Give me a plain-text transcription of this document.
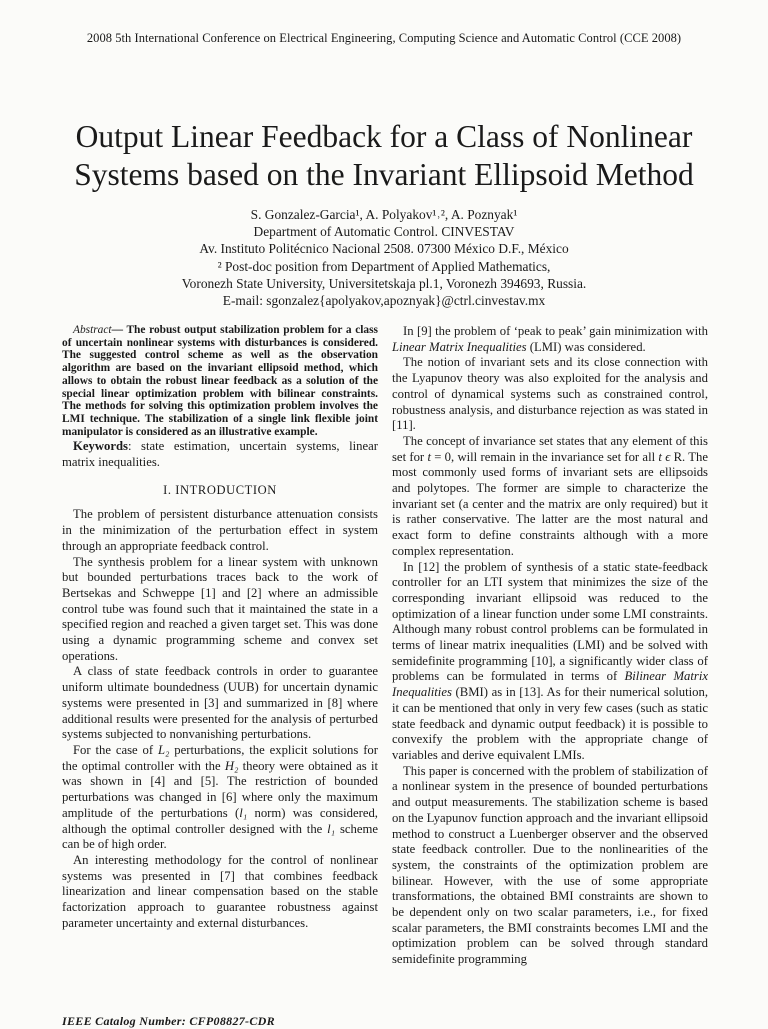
2008 5th International Conference on Electrical Engineering, Computing Science and Automatic Control (CCE 2008)
Output Linear Feedback for a Class of Nonlinear
Systems based on the Invariant Ellipsoid Method
S. Gonzalez-Garcia¹, A. Polyakov¹˒², A. Poznyak¹
Department of Automatic Control. CINVESTAV
Av. Instituto Politécnico Nacional 2508. 07300 México D.F., México
² Post-doc position from Department of Applied Mathematics,
Voronezh State University, Universitetskaja pl.1, Voronezh 394693, Russia.
E-mail: sgonzalez{apolyakov,apoznyak}@ctrl.cinvestav.mx

Abstract— The robust output stabilization problem for a class of uncertain nonlinear systems with disturbances is considered. The suggested control scheme as well as the observation algorithm are based on the invariant ellipsoid method, which allows to obtain the robust linear feedback as a solution of the special linear optimization problem with bilinear constraints. The methods for solving this optimization problem involves the LMI technique. The stabilization of a single link flexible joint manipulator is considered as an illustrative example.

Keywords: state estimation, uncertain systems, linear matrix inequalities.

I. INTRODUCTION

The problem of persistent disturbance attenuation consists in the minimization of the perturbation effect in system through an appropriate feedback control.

The synthesis problem for a linear system with unknown but bounded perturbations traces back to the work of Bertsekas and Schweppe [1] and [2] where an admissible control tube was found such that it maintained the state in a specified region and reached a given target set. This was done using a dynamic programming scheme and convex set operations.

A class of state feedback controls in order to guarantee uniform ultimate boundedness (UUB) for uncertain dynamic systems were presented in [3] and summarized in [8] where additional results were presented for the analysis of perturbed systems subjected to nonvanishing perturbations.

For the case of L₂ perturbations, the explicit solutions for the optimal controller with the H₂ theory were obtained as it was shown in [4] and [5]. The restriction of bounded perturbations was changed in [6] where only the maximum amplitude of the perturbations (l₁ norm) was considered, although the optimal controller designed with the l₁ scheme can be of high order.

An interesting methodology for the control of nonlinear systems was presented in [7] that combines feedback linearization and linear compensation based on the stable factorization approach to guarantee robustness against parameter uncertainty and external disturbances.

In [9] the problem of ‘peak to peak’ gain minimization with Linear Matrix Inequalities (LMI) was considered.

The notion of invariant sets and its close connection with the Lyapunov theory was also exploited for the analysis and control of dynamical systems such as constrained control, robustness analysis, and disturbance rejection as was stated in [11].

The concept of invariance set states that any element of this set for t = 0, will remain in the invariance set for all t ϵ R. The most commonly used forms of invariant sets are ellipsoids and polytopes. The former are simple to characterize the invariant set (a center and the matrix are only required) but it is rather conservative. The latter are the most natural and exact form to define constraints although with a more complex representation.

In [12] the problem of synthesis of a static state-feedback controller for an LTI system that minimizes the size of the corresponding invariant ellipsoid was reduced to the optimization of a linear function under some LMI constraints. Although many robust control problems can be formulated in terms of linear matrix inequalities (LMI) and be solved with semidefinite programming [10], a significantly wider class of problems can be formulated in terms of Bilinear Matrix Inequalities (BMI) as in [13]. As for their numerical solution, it can be mentioned that only in very few cases (such as static state feedback and dynamic output feedback) it is possible to convexify the problem with the appropriate change of variables and derive equivalent LMIs.

This paper is concerned with the problem of stabilization of a nonlinear system in the presence of bounded perturbations and output measurements. The stabilization scheme is based on the Lyapunov function approach and the invariant ellipsoid method to construct a Luenberger observer and the observed state feedback controller. Due to the nonlinearities of the system, the constraints of the optimization problem are bilinear. However, with the use of some appropriate transformations, the obtained BMI constraints are shown to be dependent only on two scalar parameters, i.e., for fixed scalar parameters, the BMI constraints becomes LMI and the optimization problem can be solved through standard semidefinite programming

IEEE Catalog Number: CFP08827-CDR
